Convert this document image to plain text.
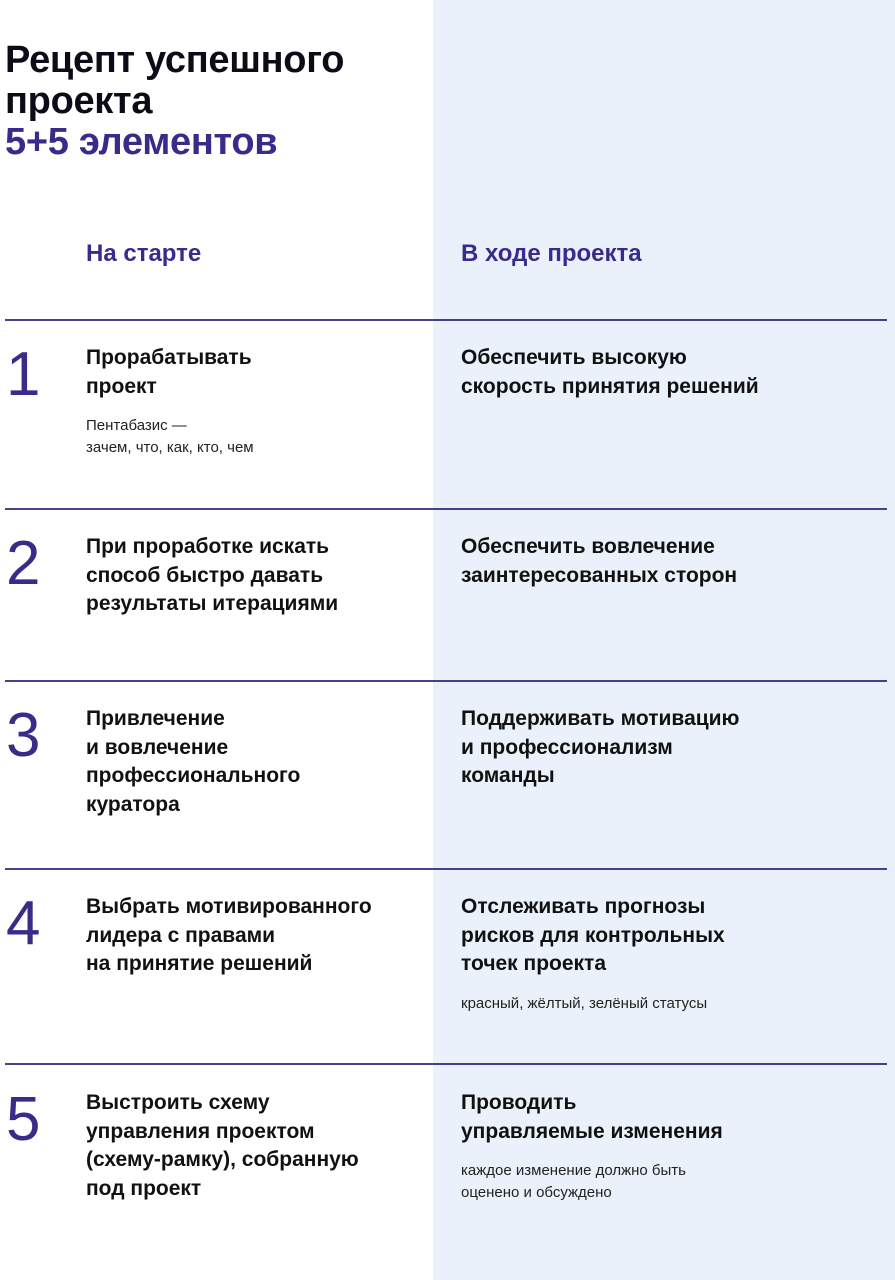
Рецепт успешного
проекта
5+5 элементов
На старте	В ходе проекта
1 Прорабатывать
проект
Пентабазис —
зачем, что, как, кто, чем
Обеспечить высокую
скорость принятия решений
2 При проработке искать
способ быстро давать
результаты итерациями
Обеспечить вовлечение
заинтересованных сторон
3 Привлечение
и вовлечение
профессионального
куратора
Поддерживать мотивацию
и профессионализм
команды
4 Выбрать мотивированного
лидера с правами
на принятие решений
Отслеживать прогнозы
рисков для контрольных
точек проекта
красный, жёлтый, зелёный статусы
5 Выстроить схему
управления проектом
(схему-рамку), собранную
под проект
Проводить
управляемые изменения
каждое изменение должно быть
оценено и обсуждено
